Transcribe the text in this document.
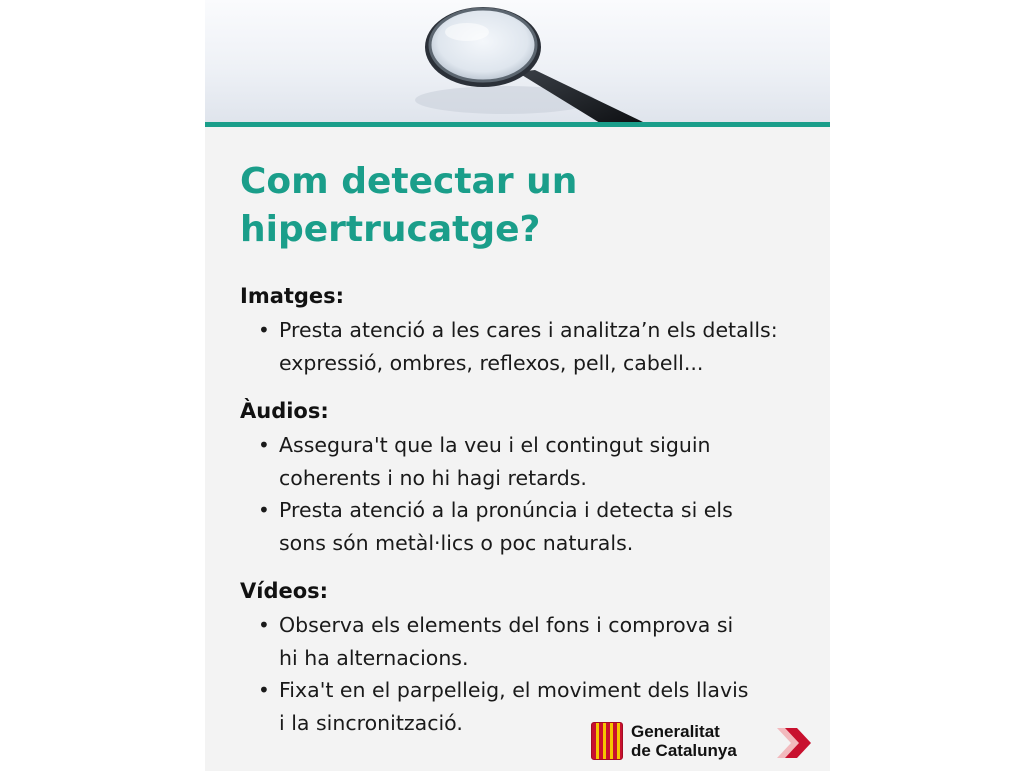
Com detectar un
hipertrucatge?
Imatges:
• Presta atenció a les cares i analitza’n els detalls:
expressió, ombres, reflexos, pell, cabell...
Àudios:
• Assegura't que la veu i el contingut siguin
coherents i no hi hagi retards.
• Presta atenció a la pronúncia i detecta si els
sons són metàl·lics o poc naturals.
Vídeos:
• Observa els elements del fons i comprova si
hi ha alternacions.
• Fixa't en el parpelleig, el moviment dels llavis
i la sincronització.	Generalitat
de Catalunya
